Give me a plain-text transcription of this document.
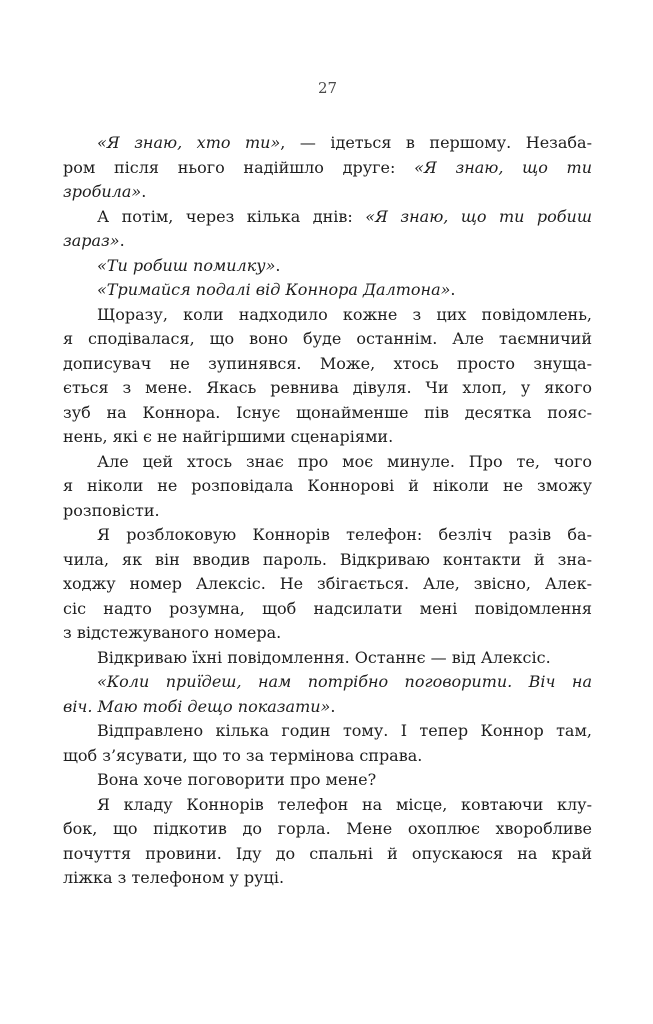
27
«Я знаю, хто ти», — ідеться в першому. Незаба-
ром після нього надійшло друге: «Я знаю, що ти
зробила».
А потім, через кілька днів: «Я знаю, що ти робиш
зараз».
«Ти робиш помилку».
«Тримайся подалі від Коннора Далтона».
Щоразу, коли надходило кожне з цих повідомлень,
я сподівалася, що воно буде останнім. Але таємничий
дописувач не зупинявся. Може, хтось просто знуща-
ється з мене. Якась ревнива дівуля. Чи хлоп, у якого
зуб на Коннора. Існує щонайменше пів десятка пояс-
нень, які є не найгіршими сценаріями.
Але цей хтось знає про моє минуле. Про те, чого
я ніколи не розповідала Коннорові й ніколи не зможу
розповісти.
Я розблоковую Коннорів телефон: безліч разів ба-
чила, як він вводив пароль. Відкриваю контакти й зна-
ходжу номер Алексіс. Не збігається. Але, звісно, Алек-
сіс надто розумна, щоб надсилати мені повідомлення
з відстежуваного номера.
Відкриваю їхні повідомлення. Останнє — від Алексіс.
«Коли приїдеш, нам потрібно поговорити. Віч на
віч. Маю тобі дещо показати».
Відправлено кілька годин тому. І тепер Коннор там,
щоб з’ясувати, що то за термінова справа.
Вона хоче поговорити про мене?
Я кладу Коннорів телефон на місце, ковтаючи клу-
бок, що підкотив до горла. Мене охоплює хворобливе
почуття провини. Іду до спальні й опускаюся на край
ліжка з телефоном у руці.
